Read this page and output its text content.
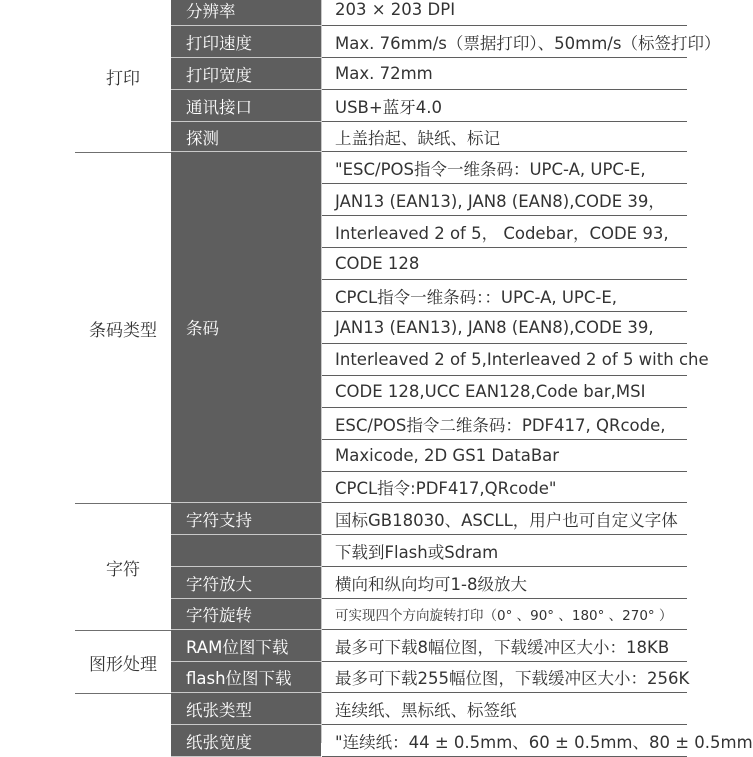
打印
条码类型
字符
图形处理
分辨率
打印速度
打印宽度
通讯接口
探测
条码
字符支持
字符放大
字符旋转
RAM位图下载
flash位图下载
纸张类型
纸张宽度
203 × 203 DPI
Max. 76mm/s（票据打印）、50mm/s（标签打印）
Max. 72mm
USB+蓝牙4.0
上盖抬起、缺纸、标记
"ESC/POS指令一维条码：UPC-A, UPC-E,
JAN13 (EAN13), JAN8 (EAN8),CODE 39，
Interleaved 2 of 5， Codebar，CODE 93,
CODE 128
CPCL指令一维条码：：UPC-A, UPC-E,
JAN13 (EAN13), JAN8 (EAN8),CODE 39,
Interleaved 2 of 5,Interleaved 2 of 5 with che
CODE 128,UCC EAN128,Code bar,MSI
ESC/POS指令二维条码：PDF417, QRcode,
Maxicode, 2D GS1 DataBar
CPCL指令:PDF417,QRcode"
国标GB18030、ASCLL，用户也可自定义字体
下载到Flash或Sdram
横向和纵向均可1-8级放大
可实现四个方向旋转打印（0° 、90° 、180° 、270° ）
最多可下载8幅位图，下载缓冲区大小：18KB
最多可下载255幅位图，下载缓冲区大小：256K
连续纸、黑标纸、标签纸
"连续纸：44 ± 0.5mm、60 ± 0.5mm、80 ± 0.5mm
